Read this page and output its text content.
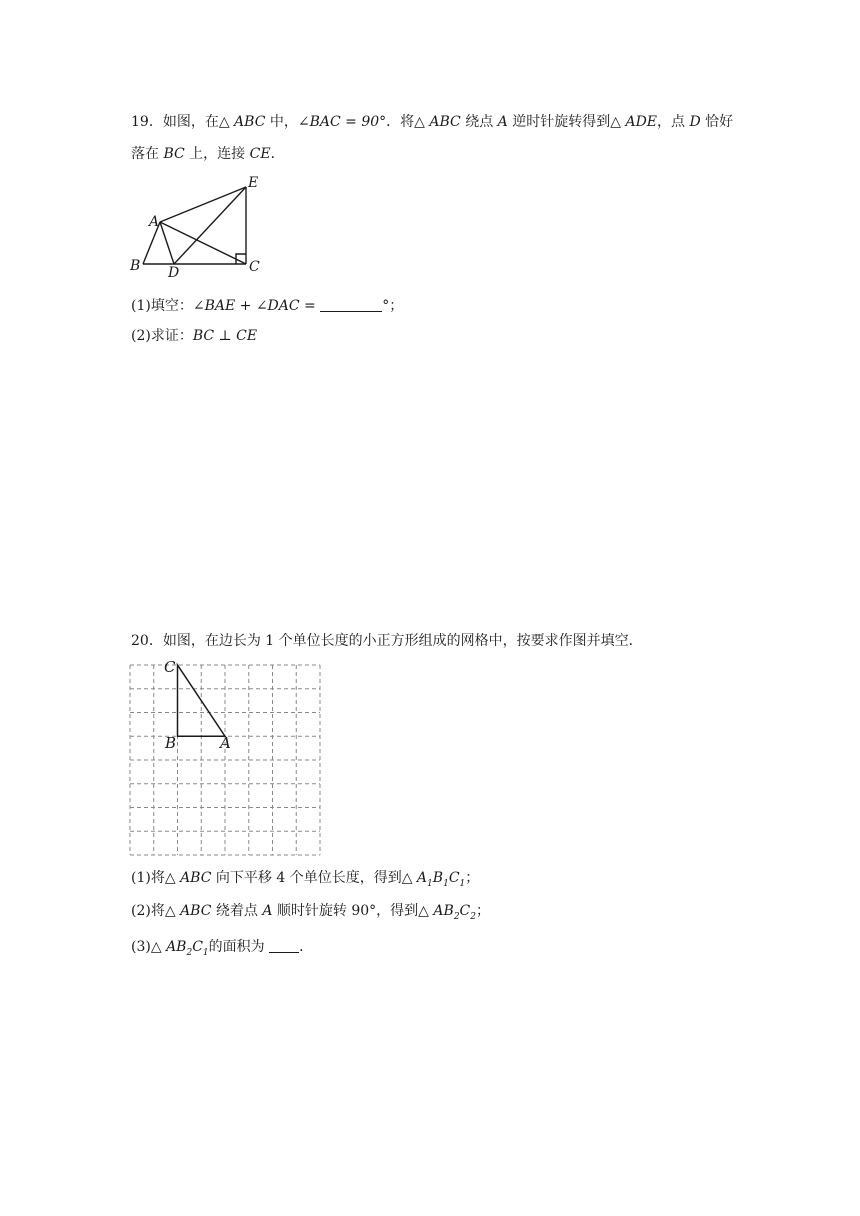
19．如图，在△ ABC 中，∠BAC = 90°．将△ ABC 绕点 A 逆时针旋转得到△ ADE，点 D 恰好
落在 BC 上，连接 CE．
A
B	C
D
E
(1)填空：∠BAE + ∠DAC =	°；
(2)求证：BC ⊥ CE
20．如图，在边长为 1 个单位长度的小正方形组成的网格中，按要求作图并填空．
C
B	A
(1)将△ ABC 向下平移 4 个单位长度，得到△ $A_1B_1C_1$；
(2)将△ ABC 绕着点 A 顺时针旋转 90°，得到△ $AB_2C_2$；
(3)△ $AB_2C_1$的面积为 ．
